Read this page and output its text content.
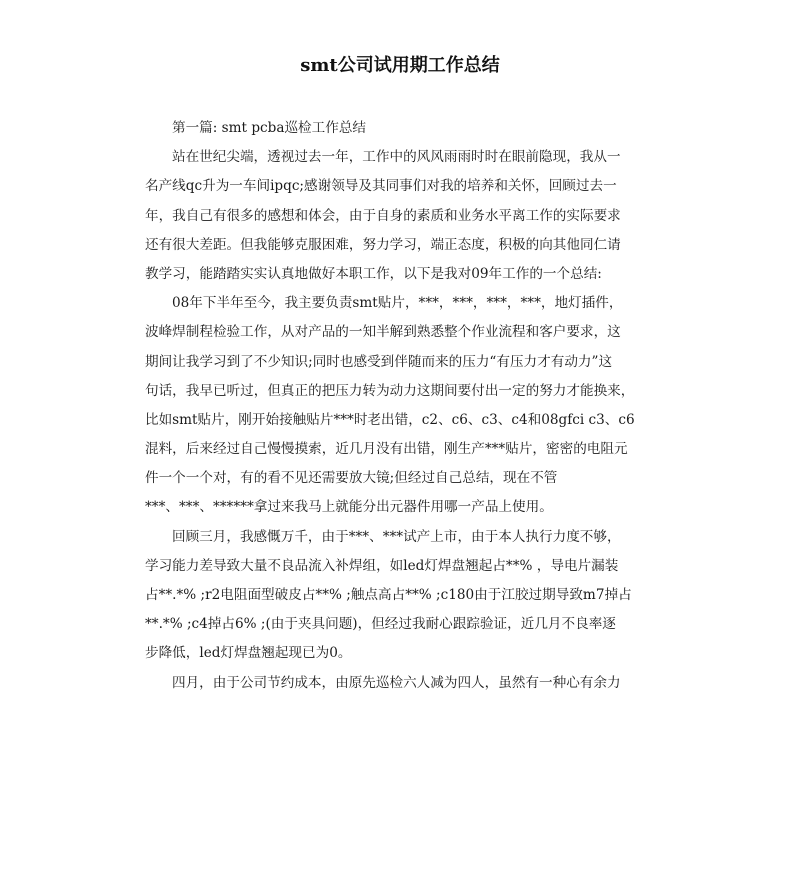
smt公司试用期工作总结
第一篇: smt pcba巡检工作总结
站在世纪尖端，透视过去一年，工作中的风风雨雨时时在眼前隐现，我从一
名产线qc升为一车间ipqc;感谢领导及其同事们对我的培养和关怀，回顾过去一
年，我自己有很多的感想和体会，由于自身的素质和业务水平离工作的实际要求
还有很大差距。但我能够克服困难，努力学习，端正态度，积极的向其他同仁请
教学习，能踏踏实实认真地做好本职工作，以下是我对09年工作的一个总结:
08年下半年至今，我主要负责smt贴片，***，***，***，***，地灯插件，
波峰焊制程检验工作，从对产品的一知半解到熟悉整个作业流程和客户要求，这
期间让我学习到了不少知识;同时也感受到伴随而来的压力“有压力才有动力”这
句话，我早已听过，但真正的把压力转为动力这期间要付出一定的努力才能换来，
比如smt贴片，刚开始接触贴片***时老出错，c2、c6、c3、c4和08gfci c3、c6
混料，后来经过自己慢慢摸索，近几月没有出错，刚生产***贴片，密密的电阻元
件一个一个对，有的看不见还需要放大镜;但经过自己总结，现在不管
***、***、******拿过来我马上就能分出元器件用哪一产品上使用。
回顾三月，我感慨万千，由于***、***试产上市，由于本人执行力度不够，
学习能力差导致大量不良品流入补焊组，如led灯焊盘翘起占**% ，导电片漏装
占**.*% ;r2电阻面型破皮占**% ;触点高占**% ;c180由于江胶过期导致m7掉占
**.*% ;c4掉占6% ;(由于夹具问题)，但经过我耐心跟踪验证，近几月不良率逐
步降低，led灯焊盘翘起现已为0。
四月，由于公司节约成本，由原先巡检六人减为四人，虽然有一种心有余力
